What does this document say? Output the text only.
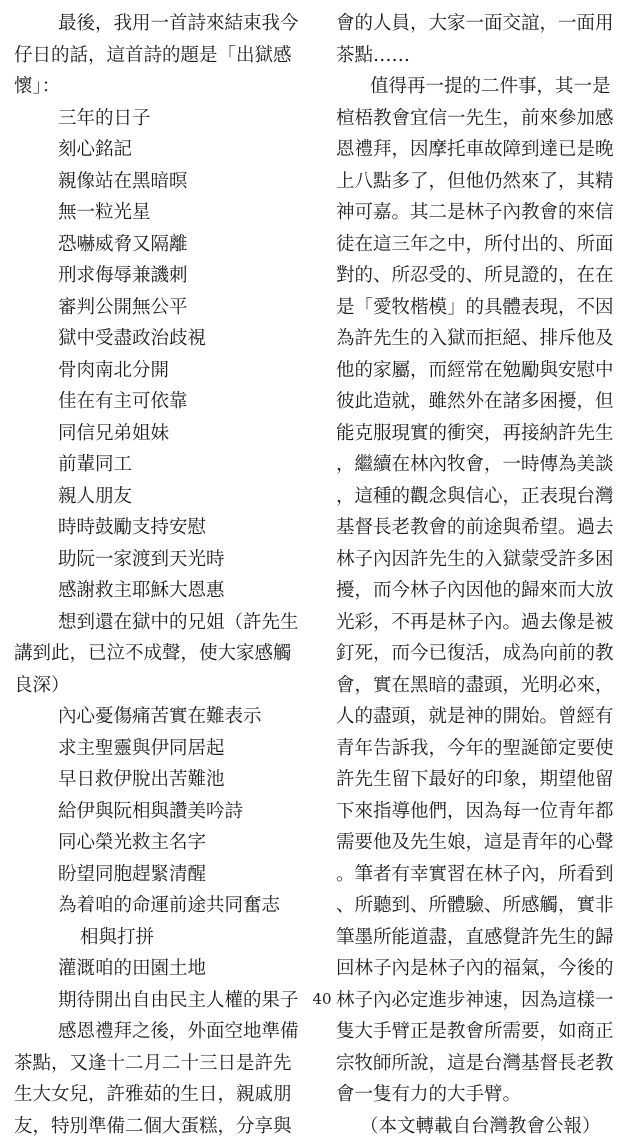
最後，我用一首詩來結束我今
仔日的話，這首詩的題是「出獄感
懷」：
三年的日子
刻心銘記
親像站在黑暗暝
無一粒光星
恐嚇威脅又隔離
刑求侮辱兼譏刺
審判公開無公平
獄中受盡政治歧視
骨肉南北分開
佳在有主可依靠
同信兄弟姐妹
前輩同工
親人朋友
時時鼓勵支持安慰
助阮一家渡到天光時
感謝救主耶穌大恩惠
想到還在獄中的兄姐（許先生
講到此，已泣不成聲，使大家感觸
良深）
內心憂傷痛苦實在難表示
求主聖靈與伊同居起
早日救伊脫出苦難池
給伊與阮相與讚美吟詩
同心榮光救主名字
盼望同胞趕緊清醒
為着咱的命運前途共同奮志
相與打拼
灌溉咱的田園土地
期待開出自由民主人權的果子
感恩禮拜之後，外面空地準備
茶點，又逢十二月二十三日是許先
生大女兒，許雅茹的生日，親戚朋
友，特別準備二個大蛋糕，分享與
會的人員，大家一面交誼，一面用
茶點……
值得再一提的二件事，其一是
楦梧教會宜信一先生，前來參加感
恩禮拜，因摩托車故障到達已是晚
上八點多了，但他仍然來了，其精
神可嘉。其二是林子內教會的來信
徒在這三年之中，所付出的、所面
對的、所忍受的、所見證的，在在
是「愛牧楷模」的具體表現，不因
為許先生的入獄而拒絕、排斥他及
他的家屬，而經常在勉勵與安慰中
彼此造就，雖然外在諸多困擾，但
能克服現實的衝突，再接納許先生
，繼續在林內牧會，一時傳為美談
，這種的觀念與信心，正表現台灣
基督長老教會的前途與希望。過去
林子內因許先生的入獄蒙受許多困
擾，而今林子內因他的歸來而大放
光彩，不再是林子內。過去像是被
釘死，而今已復活，成為向前的教
會，實在黑暗的盡頭，光明必來，
人的盡頭，就是神的開始。曾經有
青年告訴我，今年的聖誕節定要使
許先生留下最好的印象，期望他留
下來指導他們，因為每一位青年都
需要他及先生娘，這是青年的心聲
。筆者有幸實習在林子內，所看到
、所聽到、所體驗、所感觸，實非
筆墨所能道盡，直感覺許先生的歸
回林子內是林子內的福氣，今後的
林子內必定進步神速，因為這樣一
隻大手臂正是教會所需要，如商正
宗牧師所說，這是台灣基督長老教
會一隻有力的大手臂。
（本文轉載自台灣教會公報）
40
